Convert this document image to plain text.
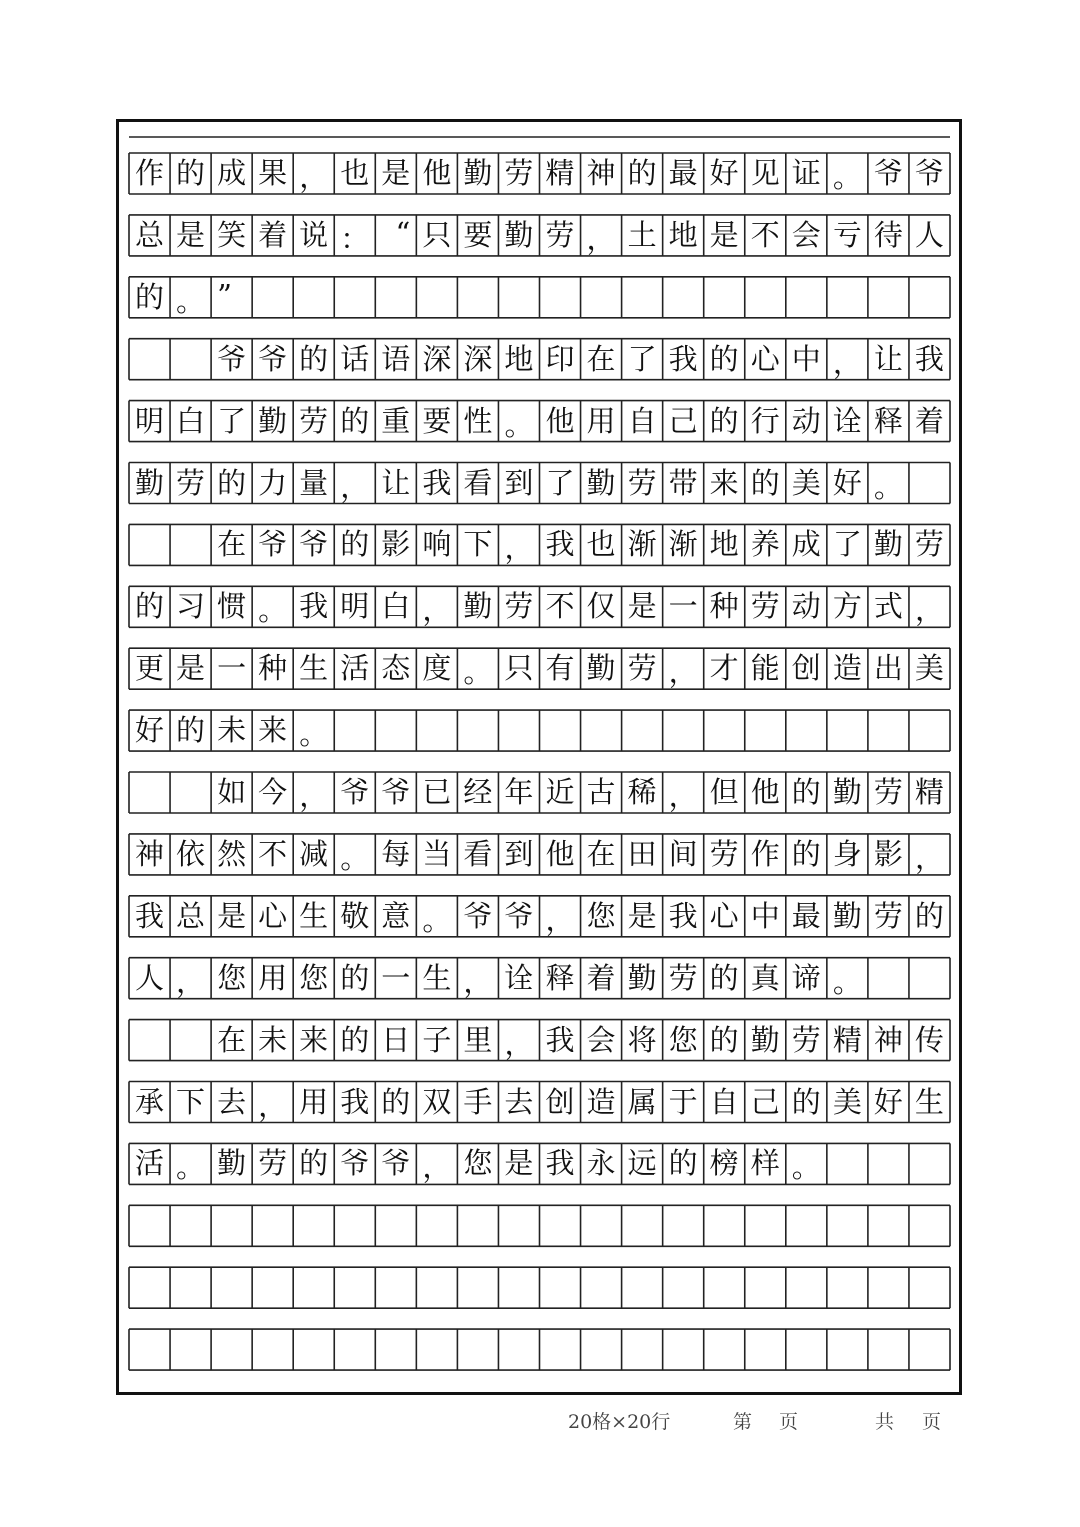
作 的 成 果 ， 也 是 他 勤 劳 精 神 的 最 好 见 证 。 爷 爷
总 是 笑 着 说 ： “ 只 要 勤 劳 ， 土 地 是 不 会 亏 待 人
的 。 ”
爷 爷 的 话 语 深 深 地 印 在 了 我 的 心 中 ， 让 我
明 白 了 勤 劳 的 重 要 性 。 他 用 自 己 的 行 动 诠 释 着
勤 劳 的 力 量 ， 让 我 看 到 了 勤 劳 带 来 的 美 好 。
在 爷 爷 的 影 响 下 ， 我 也 渐 渐 地 养 成 了 勤 劳
的 习 惯 。 我 明 白 ， 勤 劳 不 仅 是 一 种 劳 动 方 式 ，
更 是 一 种 生 活 态 度 。 只 有 勤 劳 ， 才 能 创 造 出 美
好 的 未 来 。
如 今 ， 爷 爷 已 经 年 近 古 稀 ， 但 他 的 勤 劳 精
神 依 然 不 减 。 每 当 看 到 他 在 田 间 劳 作 的 身 影 ，
我 总 是 心 生 敬 意 。 爷 爷 ， 您 是 我 心 中 最 勤 劳 的
人 ， 您 用 您 的 一 生 ， 诠 释 着 勤 劳 的 真 谛 。
在 未 来 的 日 子 里 ， 我 会 将 您 的 勤 劳 精 神 传
承 下 去 ， 用 我 的 双 手 去 创 造 属 于 自 己 的 美 好 生
活 。 勤 劳 的 爷 爷 ， 您 是 我 永 远 的 榜 样 。
20格×20行	第 页	共 页
